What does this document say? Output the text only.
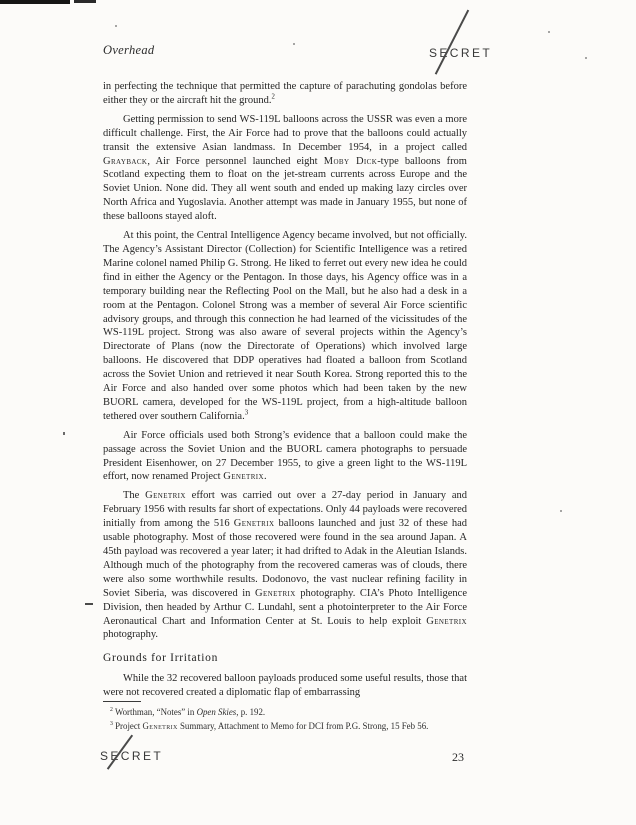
Overhead	SECRET

in perfecting the technique that permitted the capture of parachuting gondolas before either they or the aircraft hit the ground.$^2$

Getting permission to send WS-119L balloons across the USSR was even a more difficult challenge. First, the Air Force had to prove that the balloons could actually transit the extensive Asian landmass. In December 1954, in a project called Grayback, Air Force personnel launched eight Moby Dick-type balloons from Scotland expecting them to float on the jet-stream currents across Europe and the Soviet Union. None did. They all went south and ended up making lazy circles over North Africa and Yugoslavia. Another attempt was made in January 1955, but none of these balloons stayed aloft.

At this point, the Central Intelligence Agency became involved, but not officially. The Agency’s Assistant Director (Collection) for Scientific Intelligence was a retired Marine colonel named Philip G. Strong. He liked to ferret out every new idea he could find in either the Agency or the Pentagon. In those days, his Agency office was in a temporary building near the Reflecting Pool on the Mall, but he also had a desk in a room at the Pentagon. Colonel Strong was a member of several Air Force scientific advisory groups, and through this connection he had learned of the vicissitudes of the WS-119L project. Strong was also aware of several projects within the Agency’s Directorate of Plans (now the Directorate of Operations) which involved large balloons. He discovered that DDP operatives had floated a balloon from Scotland across the Soviet Union and retrieved it near South Korea. Strong reported this to the Air Force and also handed over some photos which had been taken by the new BUORL camera, developed for the WS-119L project, from a high-altitude balloon tethered over southern California.$^3$

Air Force officials used both Strong’s evidence that a balloon could make the passage across the Soviet Union and the BUORL camera photographs to persuade President Eisenhower, on 27 December 1955, to give a green light to the WS-119L effort, now renamed Project Genetrix.

The Genetrix effort was carried out over a 27-day period in January and February 1956 with results far short of expectations. Only 44 payloads were recovered initially from among the 516 Genetrix balloons launched and just 32 of these had usable photography. Most of those recovered were found in the sea around Japan. A 45th payload was recovered a year later; it had drifted to Adak in the Aleutian Islands. Although much of the photography from the recovered cameras was of clouds, there were also some worthwhile results. Dodonovo, the vast nuclear refining facility in Soviet Siberia, was discovered in Genetrix photography. CIA’s Photo Intelligence Division, then headed by Arthur C. Lundahl, sent a photointerpreter to the Air Force Aeronautical Chart and Information Center at St. Louis to help exploit Genetrix photography.

Grounds for Irritation

While the 32 recovered balloon payloads produced some useful results, those that were not recovered created a diplomatic flap of embarrassing

$^2$ Worthman, “Notes” in Open Skies, p. 192.
$^3$ Project Genetrix Summary, Attachment to Memo for DCI from P.G. Strong, 15 Feb 56.
SECRET	23
